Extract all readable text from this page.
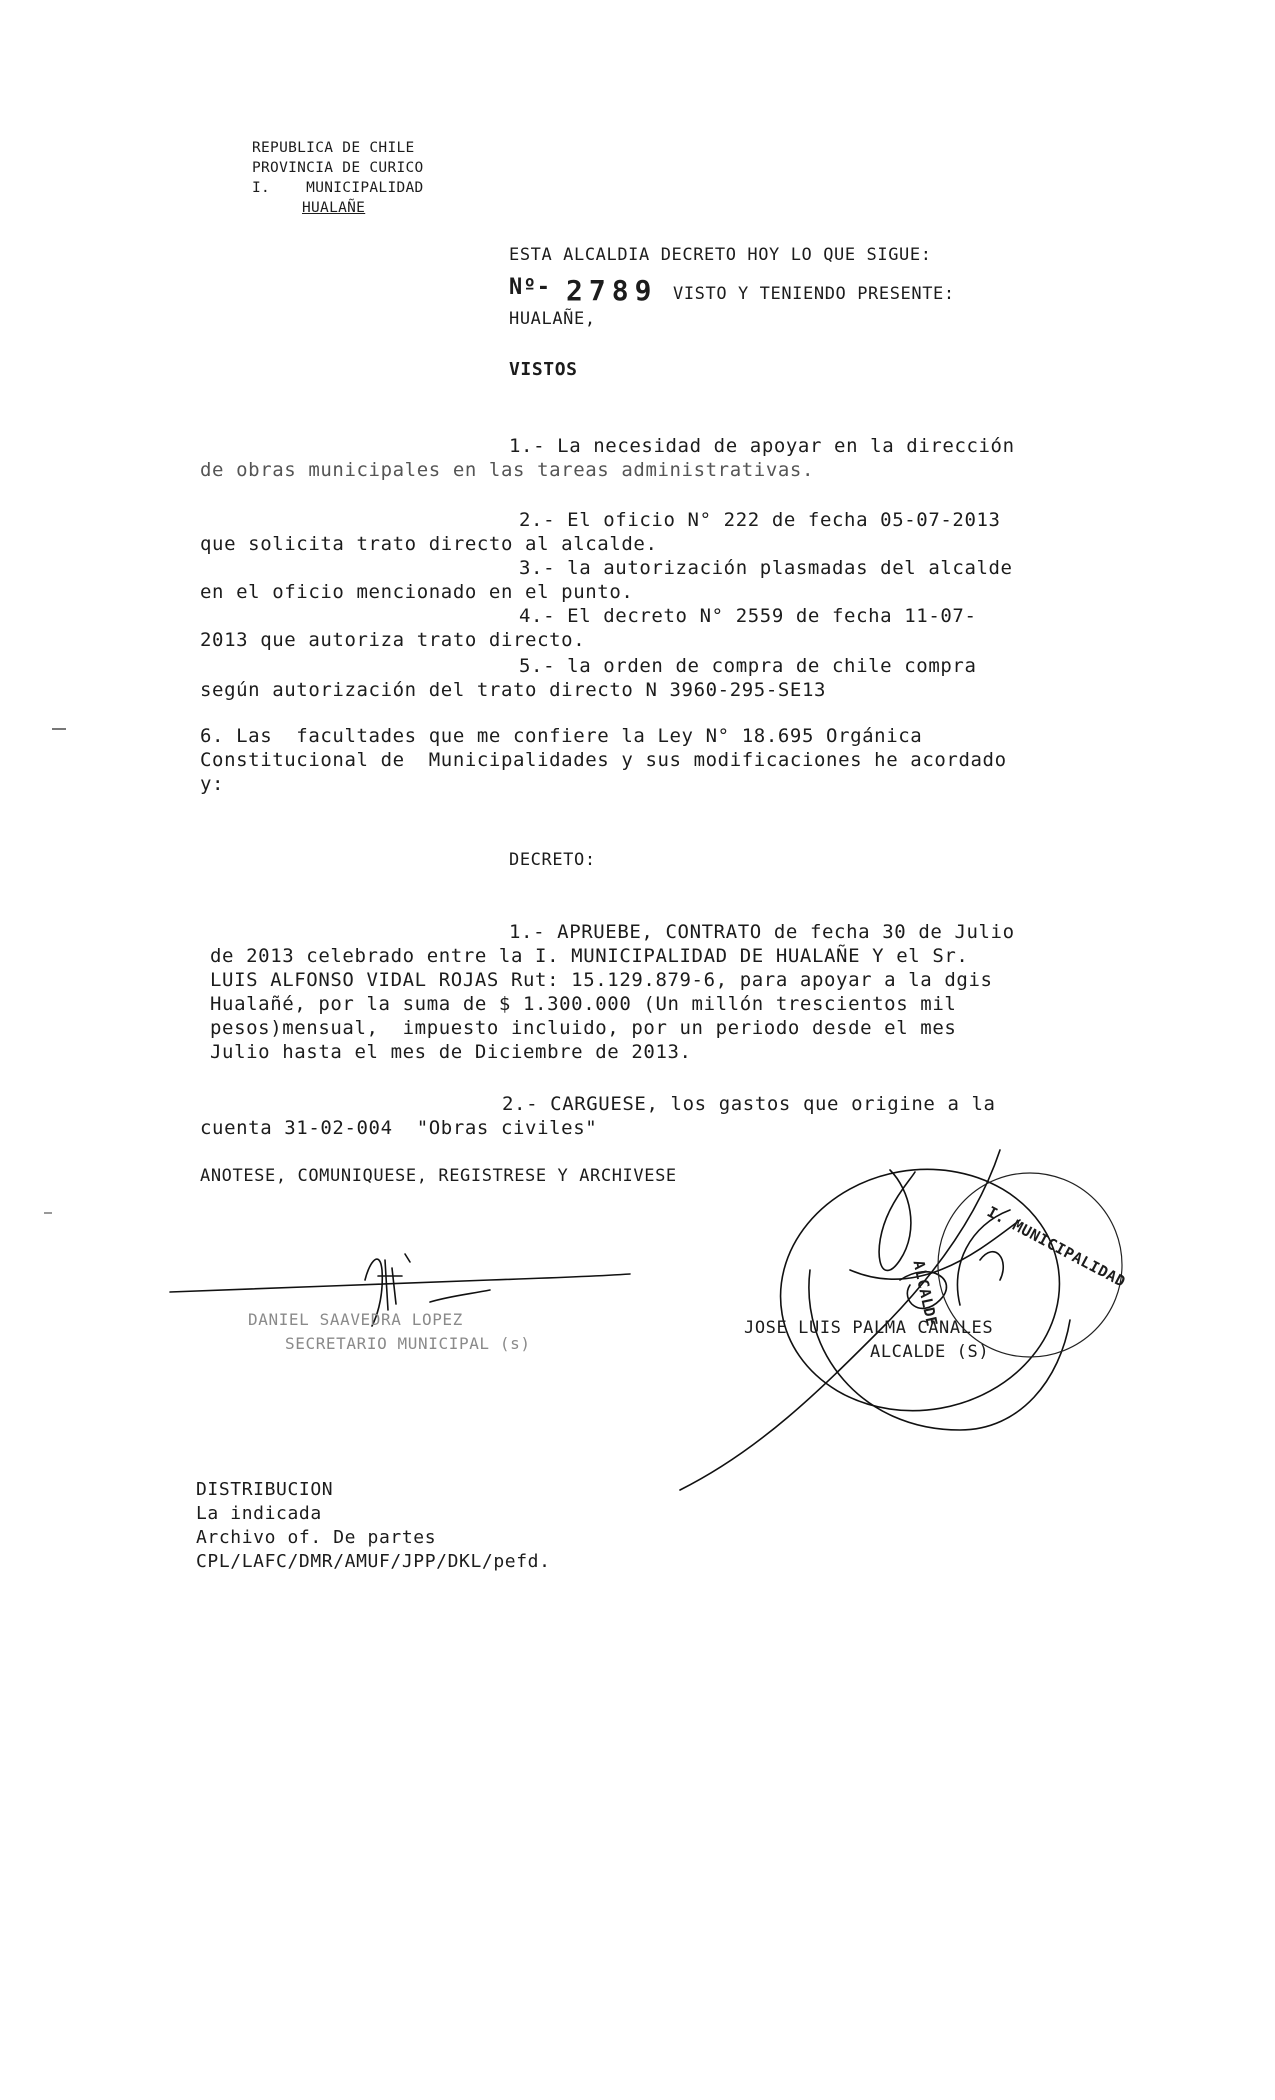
REPUBLICA DE CHILE
PROVINCIA DE CURICO
I.    MUNICIPALIDAD
HUALAÑE
ESTA ALCALDIA DECRETO HOY LO QUE SIGUE:
Nº- 2789 VISTO Y TENIENDO PRESENTE:
HUALAÑE,
VISTOS
1.- La necesidad de apoyar en la dirección
de obras municipales en las tareas administrativas.
2.- El oficio N° 222 de fecha 05-07-2013
que solicita trato directo al alcalde.
3.- la autorización plasmadas del alcalde
en el oficio mencionado en el punto.
4.- El decreto N° 2559 de fecha 11-07-
2013 que autoriza trato directo.
5.- la orden de compra de chile compra
según autorización del trato directo N 3960-295-SE13
6. Las  facultades que me confiere la Ley N° 18.695 Orgánica
Constitucional de  Municipalidades y sus modificaciones he acordado
y:
DECRETO:
1.- APRUEBE, CONTRATO de fecha 30 de Julio
de 2013 celebrado entre la I. MUNICIPALIDAD DE HUALAÑE Y el Sr.
LUIS ALFONSO VIDAL ROJAS Rut: 15.129.879-6, para apoyar a la dgis
Hualañé, por la suma de $ 1.300.000 (Un millón trescientos mil
pesos)mensual,  impuesto incluido, por un periodo desde el mes
Julio hasta el mes de Diciembre de 2013.
2.- CARGUESE, los gastos que origine a la
cuenta 31-02-004  "Obras civiles"
ANOTESE, COMUNIQUESE, REGISTRESE Y ARCHIVESE
DANIEL SAAVEDRA LOPEZ
SECRETARIO MUNICIPAL (s)
I. MUNICIPALIDAD
ALCALDE
JOSE LUIS PALMA CANALES
ALCALDE (S)
DISTRIBUCION
La indicada
Archivo of. De partes
CPL/LAFC/DMR/AMUF/JPP/DKL/pefd.
